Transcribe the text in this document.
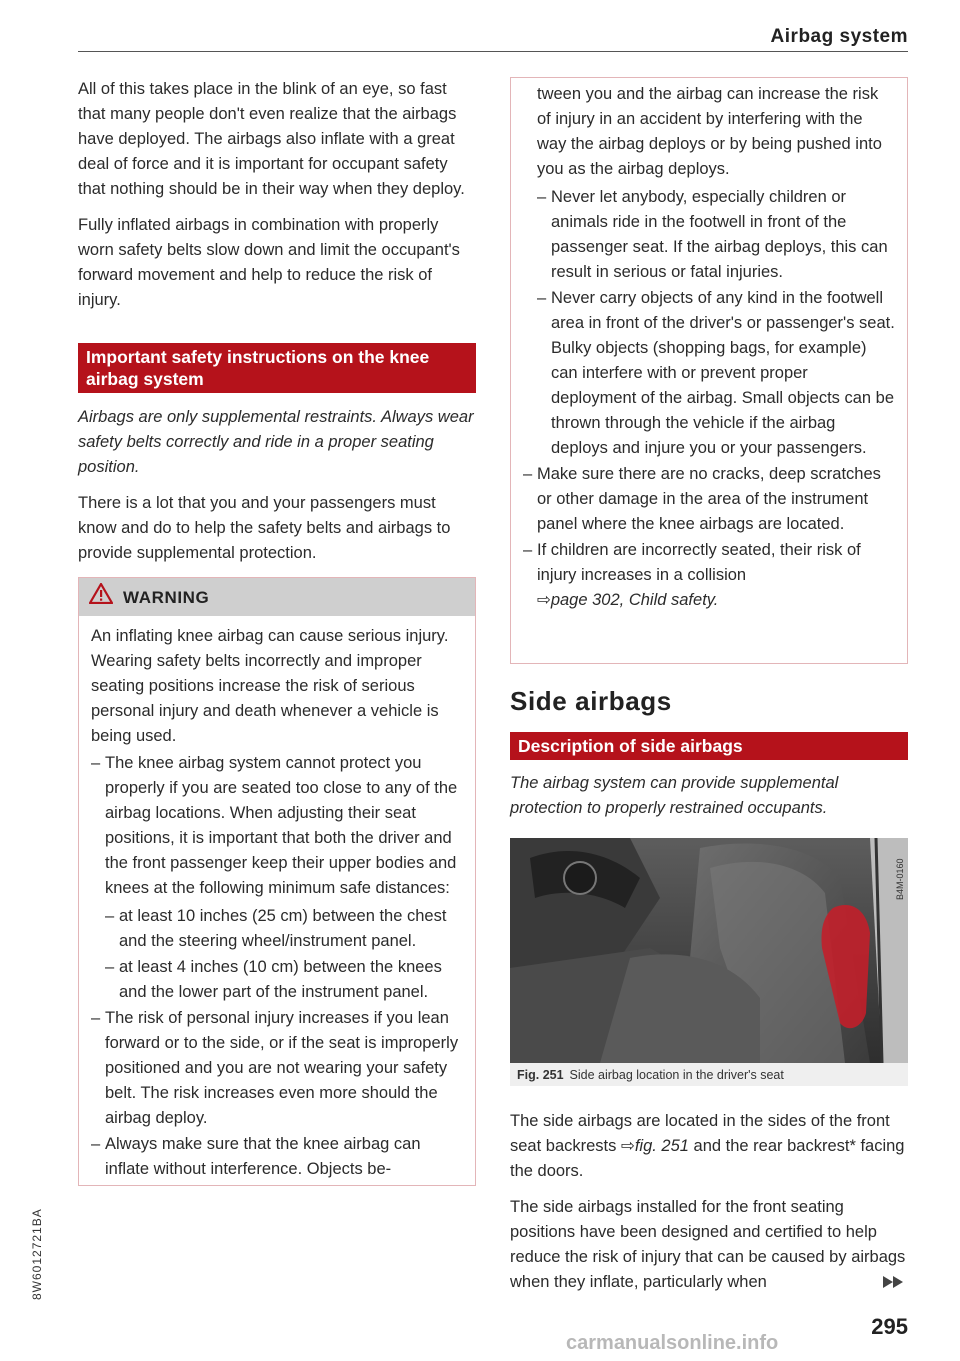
Airbag system

All of this takes place in the blink of an eye, so fast that many people don't even realize that the airbags have deployed. The airbags also inflate with a great deal of force and it is important for occupant safety that nothing should be in their way when they deploy.

Fully inflated airbags in combination with properly worn safety belts slow down and limit the occupant's forward movement and help to reduce the risk of injury.

Important safety instructions on the knee airbag system

Airbags are only supplemental restraints. Always wear safety belts correctly and ride in a proper seating position.

There is a lot that you and your passengers must know and do to help the safety belts and airbags to provide supplemental protection.

WARNING

An inflating knee airbag can cause serious injury. Wearing safety belts incorrectly and improper seating positions increase the risk of serious personal injury and death whenever a vehicle is being used.

– The knee airbag system cannot protect you properly if you are seated too close to any of the airbag locations. When adjusting their seat positions, it is important that both the driver and the front passenger keep their upper bodies and knees at the following minimum safe distances:
– at least 10 inches (25 cm) between the chest and the steering wheel/instrument panel.
– at least 4 inches (10 cm) between the knees and the lower part of the instrument panel.
– The risk of personal injury increases if you lean forward or to the side, or if the seat is improperly positioned and you are not wearing your safety belt. The risk increases even more should the airbag deploy.
– Always make sure that the knee airbag can inflate without interference. Objects be-

tween you and the airbag can increase the risk of injury in an accident by interfering with the way the airbag deploys or by being pushed into you as the airbag deploys.

– Never let anybody, especially children or animals ride in the footwell in front of the passenger seat. If the airbag deploys, this can result in serious or fatal injuries.
– Never carry objects of any kind in the footwell area in front of the driver's or passenger's seat. Bulky objects (shopping bags, for example) can interfere with or prevent proper deployment of the airbag. Small objects can be thrown through the vehicle if the airbag deploys and injure you or your passengers.
– Make sure there are no cracks, deep scratches or other damage in the area of the instrument panel where the knee airbags are located.
– If children are incorrectly seated, their risk of injury increases in a collision
⇨page 302, Child safety.
Side airbags
Description of side airbags
The airbag system can provide supplemental protection to properly restrained occupants.
B4M-0160
Fig. 251 Side airbag location in the driver's seat

The side airbags are located in the sides of the front seat backrests ⇨fig. 251 and the rear backrest* facing the doors.

The side airbags installed for the front seating positions have been designed and certified to help reduce the risk of injury that can be caused by airbags when they inflate, particularly when

295
8W6012721BA
carmanualsonline.info
